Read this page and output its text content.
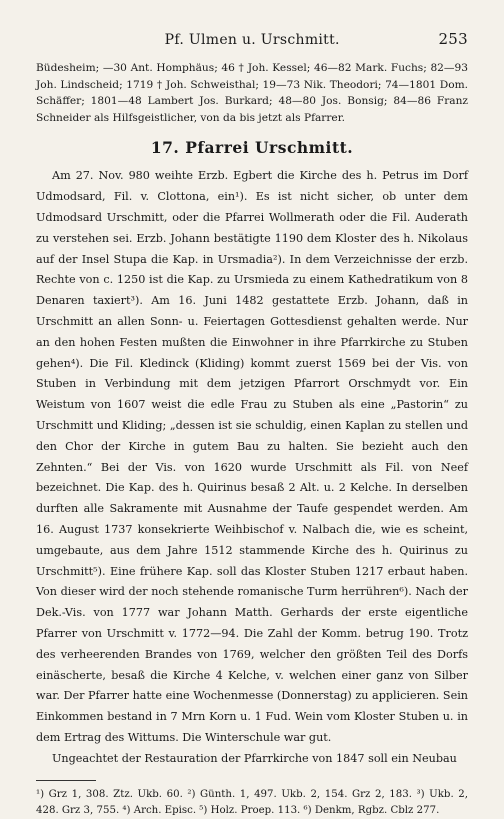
Pf. Ulmen u. Urschmitt.	253

Büdesheim; —30 Ant. Homphäus; 46 † Joh. Kessel; 46—82 Mark. Fuchs; 82—93 Joh. Lindscheid; 1719 † Joh. Schweisthal; 19—73 Nik. Theodori; 74—1801 Dom. Schäffer; 1801—48 Lambert Jos. Burkard; 48—80 Jos. Bonsig; 84—86 Franz Schneider als Hilfsgeistlicher, von da bis jetzt als Pfarrer.

17. Pfarrei Urschmitt.

Am 27. Nov. 980 weihte Erzb. Egbert die Kirche des h. Petrus im Dorf Udmodsard, Fil. v. Clottona, ein¹). Es ist nicht sicher, ob unter dem Udmodsard Urschmitt, oder die Pfarrei Wollmerath oder die Fil. Auderath zu verstehen sei. Erzb. Johann bestätigte 1190 dem Kloster des h. Nikolaus auf der Insel Stupa die Kap. in Ursmadia²). In dem Verzeichnisse der erzb. Rechte von c. 1250 ist die Kap. zu Ursmieda zu einem Kathedratikum von 8 Denaren taxiert³). Am 16. Juni 1482 gestattete Erzb. Johann, daß in Urschmitt an allen Sonn- u. Feiertagen Gottesdienst gehalten werde. Nur an den hohen Festen mußten die Einwohner in ihre Pfarrkirche zu Stuben gehen⁴). Die Fil. Kledinck (Kliding) kommt zuerst 1569 bei der Vis. von Stuben in Verbindung mit dem jetzigen Pfarrort Orschmydt vor. Ein Weistum von 1607 weist die edle Frau zu Stuben als eine „Pastorin“ zu Urschmitt und Kliding; „dessen ist sie schuldig, einen Kaplan zu stellen und den Chor der Kirche in gutem Bau zu halten. Sie bezieht auch den Zehnten.“ Bei der Vis. von 1620 wurde Urschmitt als Fil. von Neef bezeichnet. Die Kap. des h. Quirinus besaß 2 Alt. u. 2 Kelche. In derselben durften alle Sakramente mit Ausnahme der Taufe gespendet werden. Am 16. August 1737 konsekrierte Weihbischof v. Nalbach die, wie es scheint, umgebaute, aus dem Jahre 1512 stammende Kirche des h. Quirinus zu Urschmitt⁵). Eine frühere Kap. soll das Kloster Stuben 1217 erbaut haben. Von dieser wird der noch stehende romanische Turm herrühren⁶). Nach der Dek.-Vis. von 1777 war Johann Matth. Gerhards der erste eigentliche Pfarrer von Urschmitt v. 1772—94. Die Zahl der Komm. betrug 190. Trotz des verheerenden Brandes von 1769, welcher den größten Teil des Dorfs einäscherte, besaß die Kirche 4 Kelche, v. welchen einer ganz von Silber war. Der Pfarrer hatte eine Wochenmesse (Donnerstag) zu applicieren. Sein Einkommen bestand in 7 Mrn Korn u. 1 Fud. Wein vom Kloster Stuben u. in dem Ertrag des Wittums. Die Winterschule war gut.

Ungeachtet der Restauration der Pfarrkirche von 1847 soll ein Neubau

¹) Grz 1, 308. Ztz. Ukb. 60. ²) Günth. 1, 497. Ukb. 2, 154. Grz 2, 183. ³) Ukb. 2, 428. Grz 3, 755. ⁴) Arch. Episc. ⁵) Holz. Proep. 113. ⁶) Denkm, Rgbz. Cblz 277.
